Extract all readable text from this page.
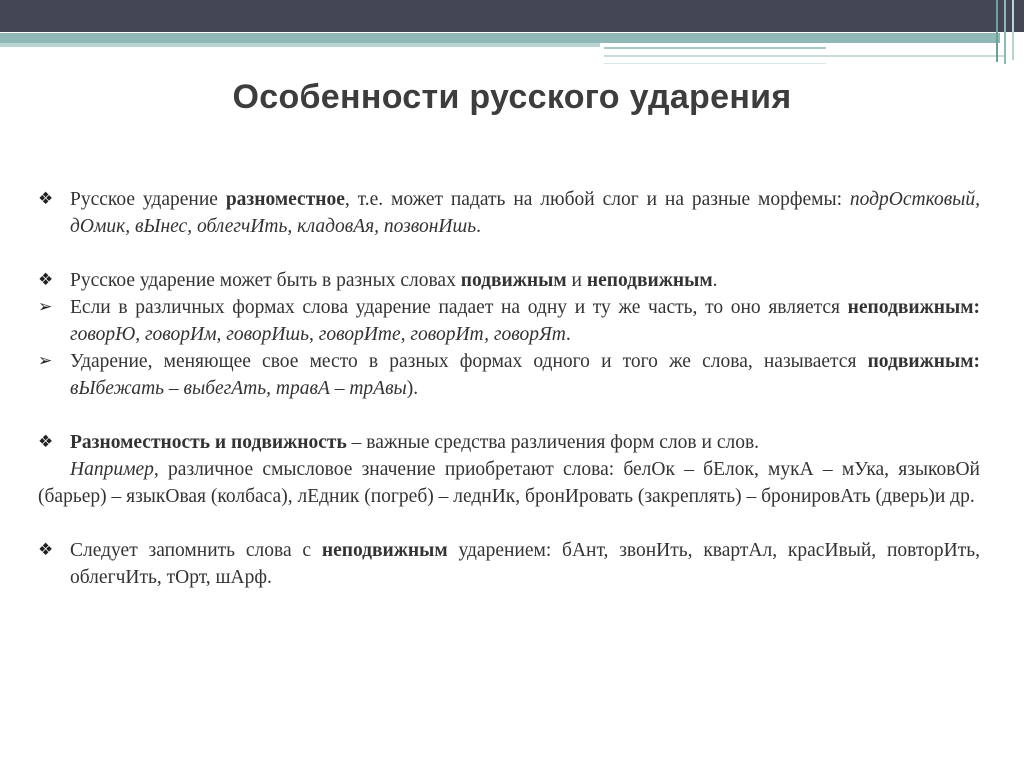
Особенности русского ударения
❖ Русское ударение разноместное, т.е. может падать на любой слог и на разные морфемы: подрОстковый, дОмик, вЫнес, облегчИть, кладовАя, позвонИшь.
❖ Русское ударение может быть в разных словах подвижным и неподвижным.
➢ Если в различных формах слова ударение падает на одну и ту же часть, то оно является неподвижным: говорЮ, говорИм, говорИшь, говорИте, говорИт, говорЯт.
➢ Ударение, меняющее свое место в разных формах одного и того же слова, называется подвижным: вЫбежать – выбегАть, травА – трАвы).
❖ Разноместность и подвижность – важные средства различения форм слов и слов.
Например, различное смысловое значение приобретают слова: белОк – бЕлок, мукА – мУка, языковОй (барьер) – языкОвая (колбаса), лЕдник (погреб) – леднИк, бронИровать (закреплять) – бронировАть (дверь)и др.
❖ Следует запомнить слова с неподвижным ударением: бАнт, звонИть, квартАл, красИвый, повторИть, облегчИть, тОрт, шАрф.
